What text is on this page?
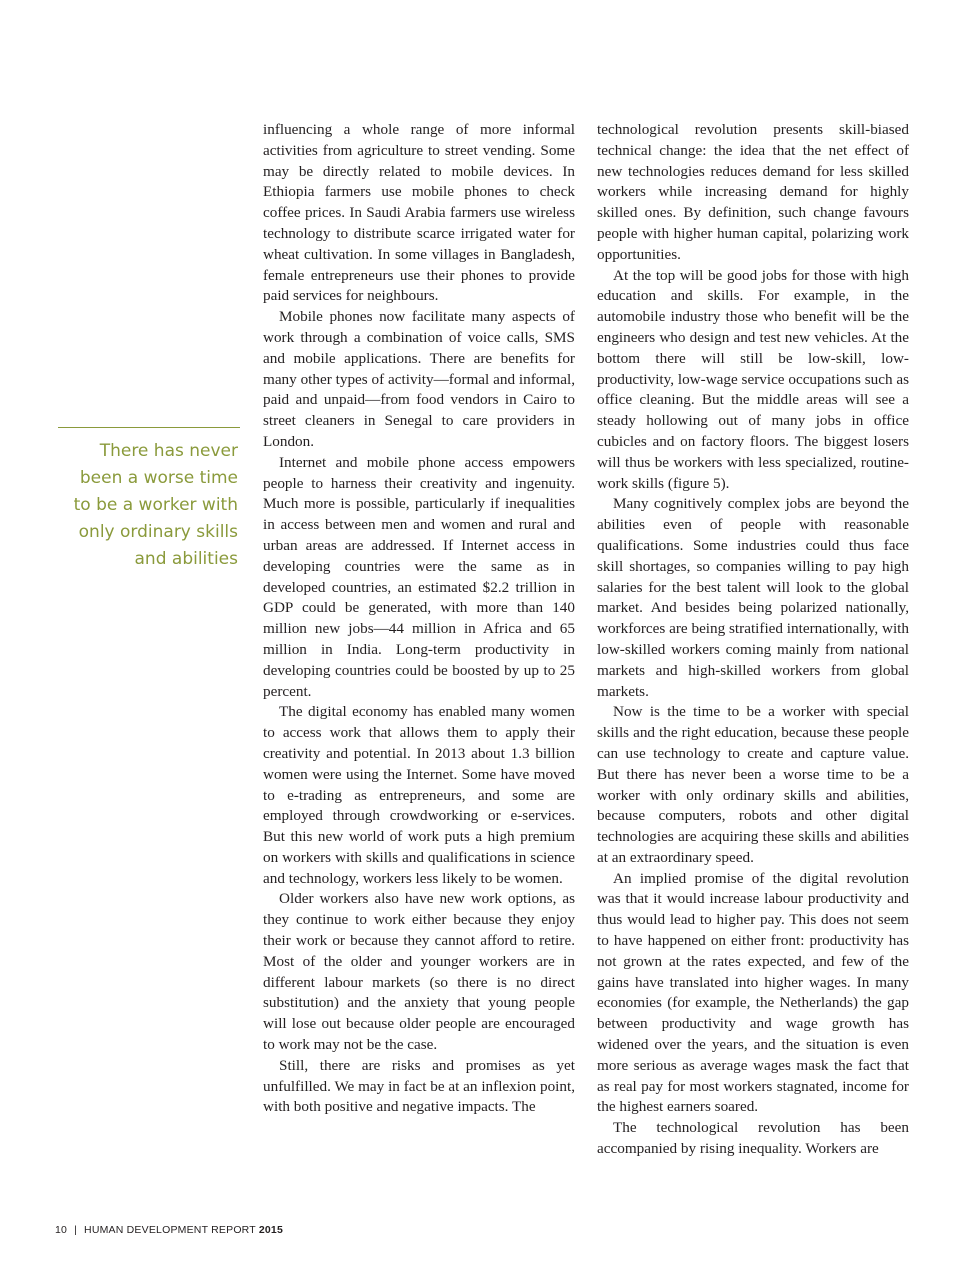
There has never
been a worse time
to be a worker with
only ordinary skills
and abilities

influencing a whole range of more informal activities from agriculture to street vending. Some may be directly related to mobile devices. In Ethiopia farmers use mobile phones to check coffee prices. In Saudi Arabia farmers use wireless technology to distribute scarce irrigated water for wheat cultivation. In some villages in Bangladesh, female entrepreneurs use their phones to provide paid services for neighbours.

Mobile phones now facilitate many aspects of work through a combination of voice calls, SMS and mobile applications. There are benefits for many other types of activity—formal and informal, paid and unpaid—from food vendors in Cairo to street cleaners in Senegal to care providers in London.

Internet and mobile phone access empowers people to harness their creativity and ingenuity. Much more is possible, particularly if inequalities in access between men and women and rural and urban areas are addressed. If Internet access in developing countries were the same as in developed countries, an estimated $2.2 trillion in GDP could be generated, with more than 140 million new jobs—44 million in Africa and 65 million in India. Long-term productivity in developing countries could be boosted by up to 25 percent.

The digital economy has enabled many women to access work that allows them to apply their creativity and potential. In 2013 about 1.3 billion women were using the Internet. Some have moved to e-trading as entrepreneurs, and some are employed through crowdworking or e-services. But this new world of work puts a high premium on workers with skills and qualifications in science and technology, workers less likely to be women.

Older workers also have new work options, as they continue to work either because they enjoy their work or because they cannot afford to retire. Most of the older and younger workers are in different labour markets (so there is no direct substitution) and the anxiety that young people will lose out because older people are encouraged to work may not be the case.

Still, there are risks and promises as yet unfulfilled. We may in fact be at an inflexion point, with both positive and negative impacts. The

technological revolution presents skill-biased technical change: the idea that the net effect of new technologies reduces demand for less skilled workers while increasing demand for highly skilled ones. By definition, such change favours people with higher human capital, polarizing work opportunities.

At the top will be good jobs for those with high education and skills. For example, in the automobile industry those who benefit will be the engineers who design and test new vehicles. At the bottom there will still be low-skill, low-productivity, low-wage service occupations such as office cleaning. But the middle areas will see a steady hollowing out of many jobs in office cubicles and on factory floors. The biggest losers will thus be workers with less specialized, routine-work skills (figure 5).

Many cognitively complex jobs are beyond the abilities even of people with reasonable qualifications. Some industries could thus face skill shortages, so companies willing to pay high salaries for the best talent will look to the global market. And besides being polarized nationally, workforces are being stratified internationally, with low-skilled workers coming mainly from national markets and high-skilled workers from global markets.

Now is the time to be a worker with special skills and the right education, because these people can use technology to create and capture value. But there has never been a worse time to be a worker with only ordinary skills and abilities, because computers, robots and other digital technologies are acquiring these skills and abilities at an extraordinary speed.

An implied promise of the digital revolution was that it would increase labour productivity and thus would lead to higher pay. This does not seem to have happened on either front: productivity has not grown at the rates expected, and few of the gains have translated into higher wages. In many economies (for example, the Netherlands) the gap between productivity and wage growth has widened over the years, and the situation is even more serious as average wages mask the fact that as real pay for most workers stagnated, income for the highest earners soared.

The technological revolution has been accompanied by rising inequality. Workers are

10 | HUMAN DEVELOPMENT REPORT 2015
